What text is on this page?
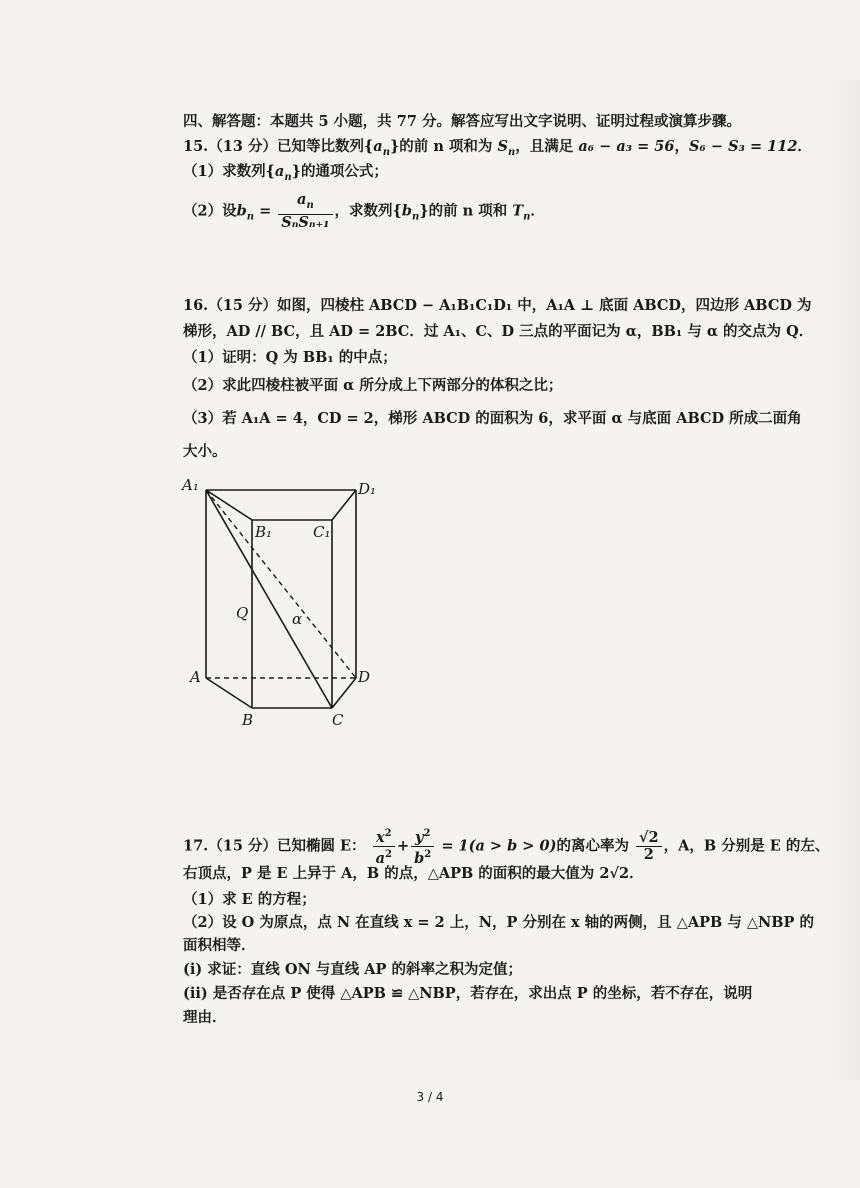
四、解答题：本题共 5 小题，共 77 分。解答应写出文字说明、证明过程或演算步骤。
15.（13 分）已知等比数列$\{a_n\}$的前 n 项和为 $S_n$，且满足 a₆ − a₃ = 56，S₆ − S₃ = 112．
（1）求数列$\{a_n\}$的通项公式；
（2）设$b_n = \frac{a_n}{\text{SₙSₙ₊₁}}$ ，求数列$\{b_n\}$的前 n 项和 $T_n$．
16.（15 分）如图，四棱柱 ABCD − A₁B₁C₁D₁ 中，A₁A ⊥ 底面 ABCD，四边形 ABCD 为
梯形，AD // BC，且 AD = 2BC．过 A₁、C、D 三点的平面记为 α，BB₁ 与 α 的交点为 Q．
（1）证明：Q 为 BB₁ 的中点；
（2）求此四棱柱被平面 α 所分成上下两部分的体积之比；
（3）若 A₁A = 4，CD = 2，梯形 ABCD 的面积为 6，求平面 α 与底面 ABCD 所成二面角
大小。
A₁	D₁
B₁	C₁
A	D
B	C
Q	α
17.（15 分）已知椭圆 E： $\frac{x^2}{a^2} + \frac{y^2}{b^2} = 1(a > b > 0)$的离心率为 $\frac{√2}{2}$ ，A，B 分别是 E 的左、
右顶点，P 是 E 上异于 A，B 的点，△APB 的面积的最大值为 2√2．
（1）求 E 的方程；
（2）设 O 为原点，点 N 在直线 x = 2 上，N，P 分别在 x 轴的两侧，且 △APB 与 △NBP 的
面积相等．
(ⅰ) 求证：直线 ON 与直线 AP 的斜率之积为定值；
(ⅱ) 是否存在点 P 使得 △APB ≌ △NBP，若存在，求出点 P 的坐标，若不存在，说明
理由．
3 / 4
